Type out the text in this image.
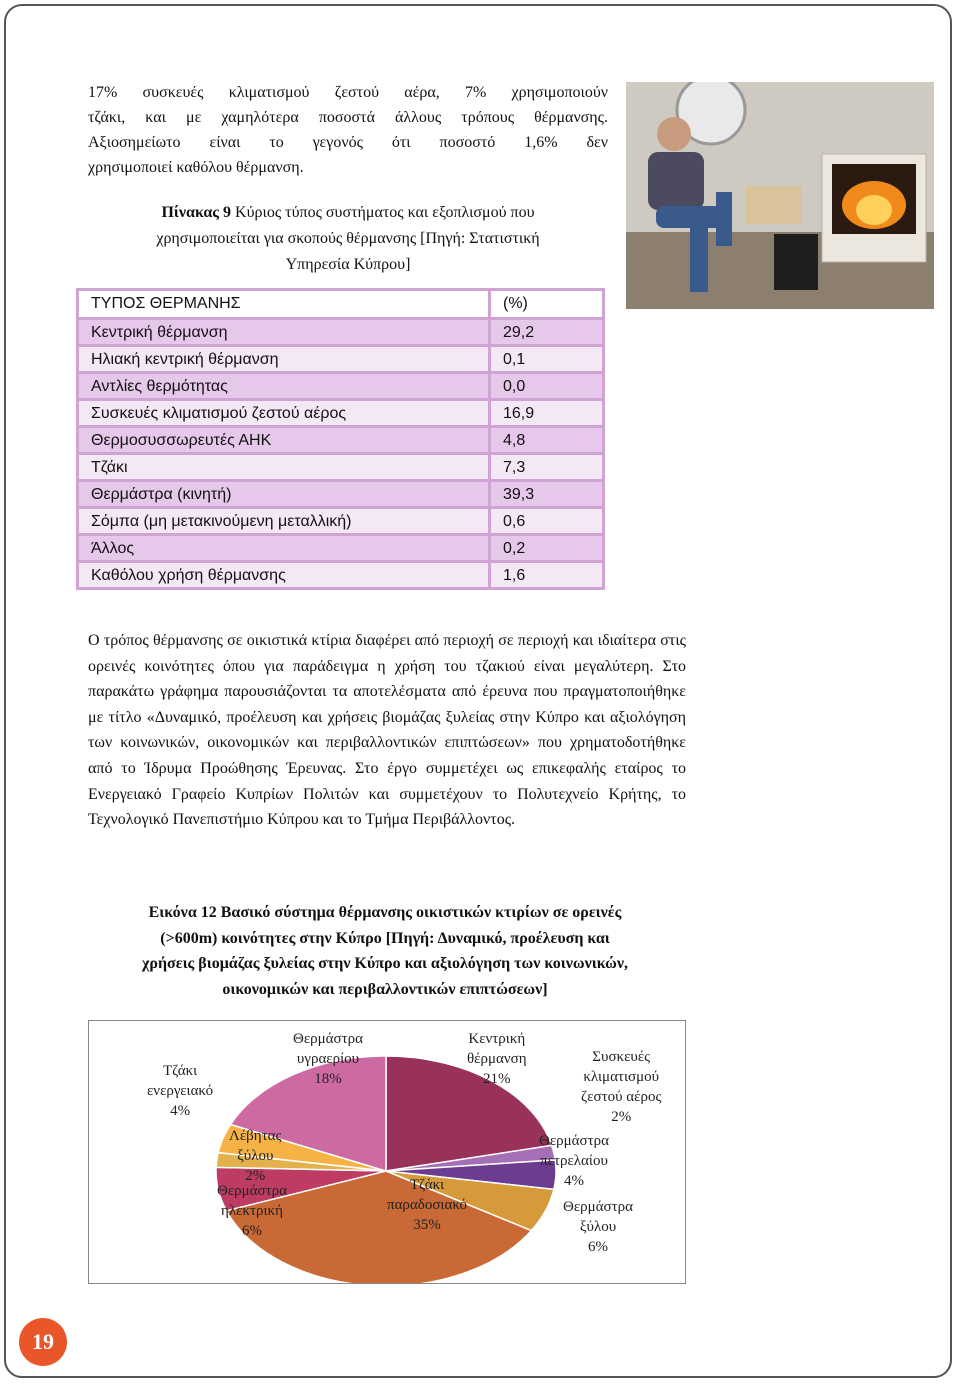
17% συσκευές κλιματισμού ζεστού αέρα, 7% χρησιμοποιούν

τζάκι, και με χαμηλότερα ποσοστά άλλους τρόπους θέρμανσης.

Αξιοσημείωτο είναι το γεγονός ότι ποσοστό 1,6% δεν

χρησιμοποιεί καθόλου θέρμανση.

Πίνακας 9 Κύριος τύπος συστήματος και εξοπλισμού που
χρησιμοποιείται για σκοπούς θέρμανσης [Πηγή: Στατιστική
Υπηρεσία Κύπρου]
ΤΥΠΟΣ ΘΕΡΜΑΝΗΣ	(%)
Κεντρική θέρμανση	29,2
Ηλιακή κεντρική θέρμανση	0,1
Αντλίες θερμότητας	0,0
Συσκευές κλιματισμού ζεστού αέρος	16,9
Θερμοσυσσωρευτές ΑΗΚ	4,8
Τζάκι	7,3
Θερμάστρα (κινητή)	39,3
Σόμπα (μη μετακινούμενη μεταλλική)	0,6
Άλλος	0,2
Καθόλου χρήση θέρμανσης	1,6

Ο τρόπος θέρμανσης σε οικιστικά κτίρια διαφέρει από περιοχή σε περιοχή και ιδιαίτερα στις ορεινές κοινότητες όπου για παράδειγμα η χρήση του τζακιού είναι μεγαλύτερη. Στο παρακάτω γράφημα παρουσιάζονται τα αποτελέσματα από έρευνα που πραγματοποιήθηκε με τίτλο «Δυναμικό, προέλευση και χρήσεις βιομάζας ξυλείας στην Κύπρο και αξιολόγηση των κοινωνικών, οικονομικών και περιβαλλοντικών επιπτώσεων» που χρηματοδοτήθηκε από το Ίδρυμα Προώθησης Έρευνας. Στο έργο συμμετέχει ως επικεφαλής εταίρος το Ενεργειακό Γραφείο Κυπρίων Πολιτών και συμμετέχουν το Πολυτεχνείο Κρήτης, το Τεχνολογικό Πανεπιστήμιο Κύπρου και το Τμήμα Περιβάλλοντος.

Εικόνα 12 Βασικό σύστημα θέρμανσης οικιστικών κτιρίων σε ορεινές
(>600m) κοινότητες στην Κύπρο [Πηγή: Δυναμικό, προέλευση και
χρήσεις βιομάζας ξυλείας στην Κύπρο και αξιολόγηση των κοινωνικών,
οικονομικών και περιβαλλοντικών επιπτώσεων]
Κεντρική
θέρμανση
21%
Συσκευές
κλιματισμού
ζεστού αέρος
2%
Θερμάστρα
πετρελαίου
4%
Θερμάστρα
ξύλου
6%
Τζάκι
παραδοσιακό
35%
Θερμάστρα
ηλεκτρική
6%
Λέβητας
ξύλου
2%
Τζάκι
ενεργειακό
4%
Θερμάστρα
υγραερίου
18%
19
